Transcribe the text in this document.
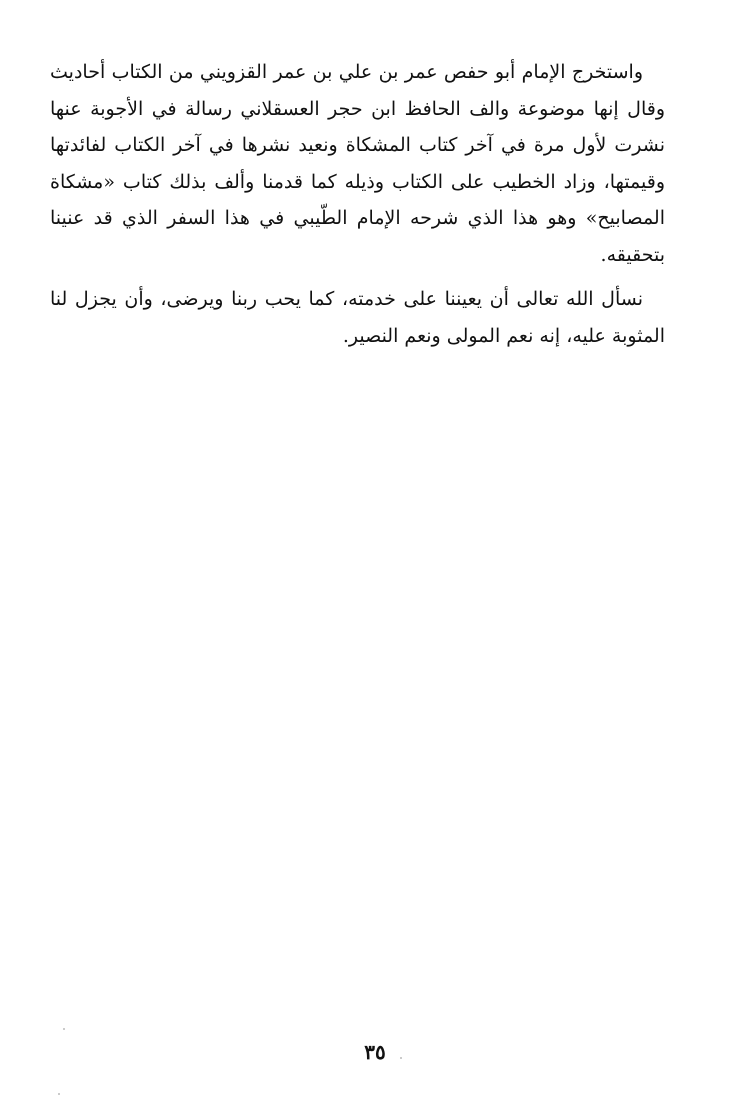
واستخرج الإمام أبو حفص عمر بن علي بن عمر القزويني من الكتاب أحاديث وقال إنها موضوعة والف الحافظ ابن حجر العسقلاني رسالة في الأجوبة عنها نشرت لأول مرة في آخر كتاب المشكاة ونعيد نشرها في آخر الكتاب لفائدتها وقيمتها، وزاد الخطيب على الكتاب وذيله كما قدمنا وألف بذلك كتاب «مشكاة المصابيح» وهو هذا الذي شرحه الإمام الطّيبي في هذا السفر الذي قد عنينا بتحقيقه.

نسأل الله تعالى أن يعيننا على خدمته، كما يحب ربنا ويرضى، وأن يجزل لنا المثوبة عليه، إنه نعم المولى ونعم النصير.

٣٥
